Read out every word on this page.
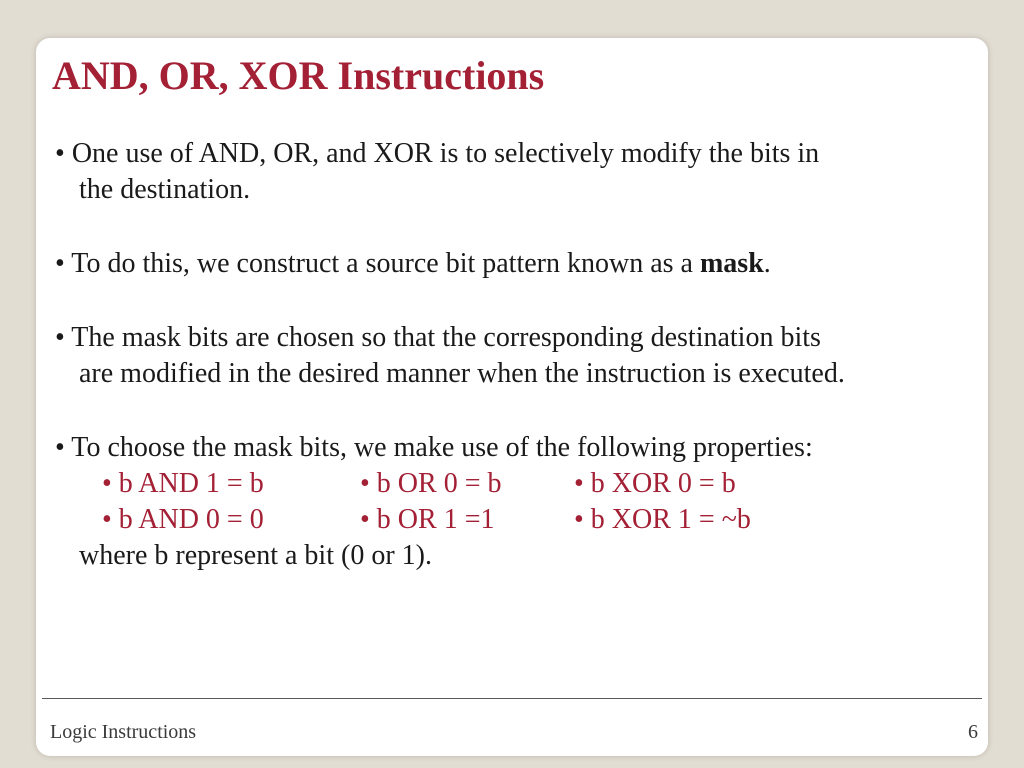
AND, OR, XOR Instructions
• One use of AND, OR, and XOR is to selectively modify the bits in
the destination.
• To do this, we construct a source bit pattern known as a mask.
• The mask bits are chosen so that the corresponding destination bits
are modified in the desired manner when the instruction is executed.
• To choose the mask bits, we make use of the following properties:
• b AND 1 = b	• b OR 0 = b	• b XOR 0 = b
• b AND 0 = 0	• b OR 1 =1	• b XOR 1 = ~b
where b represent a bit (0 or 1).
Logic Instructions	6
